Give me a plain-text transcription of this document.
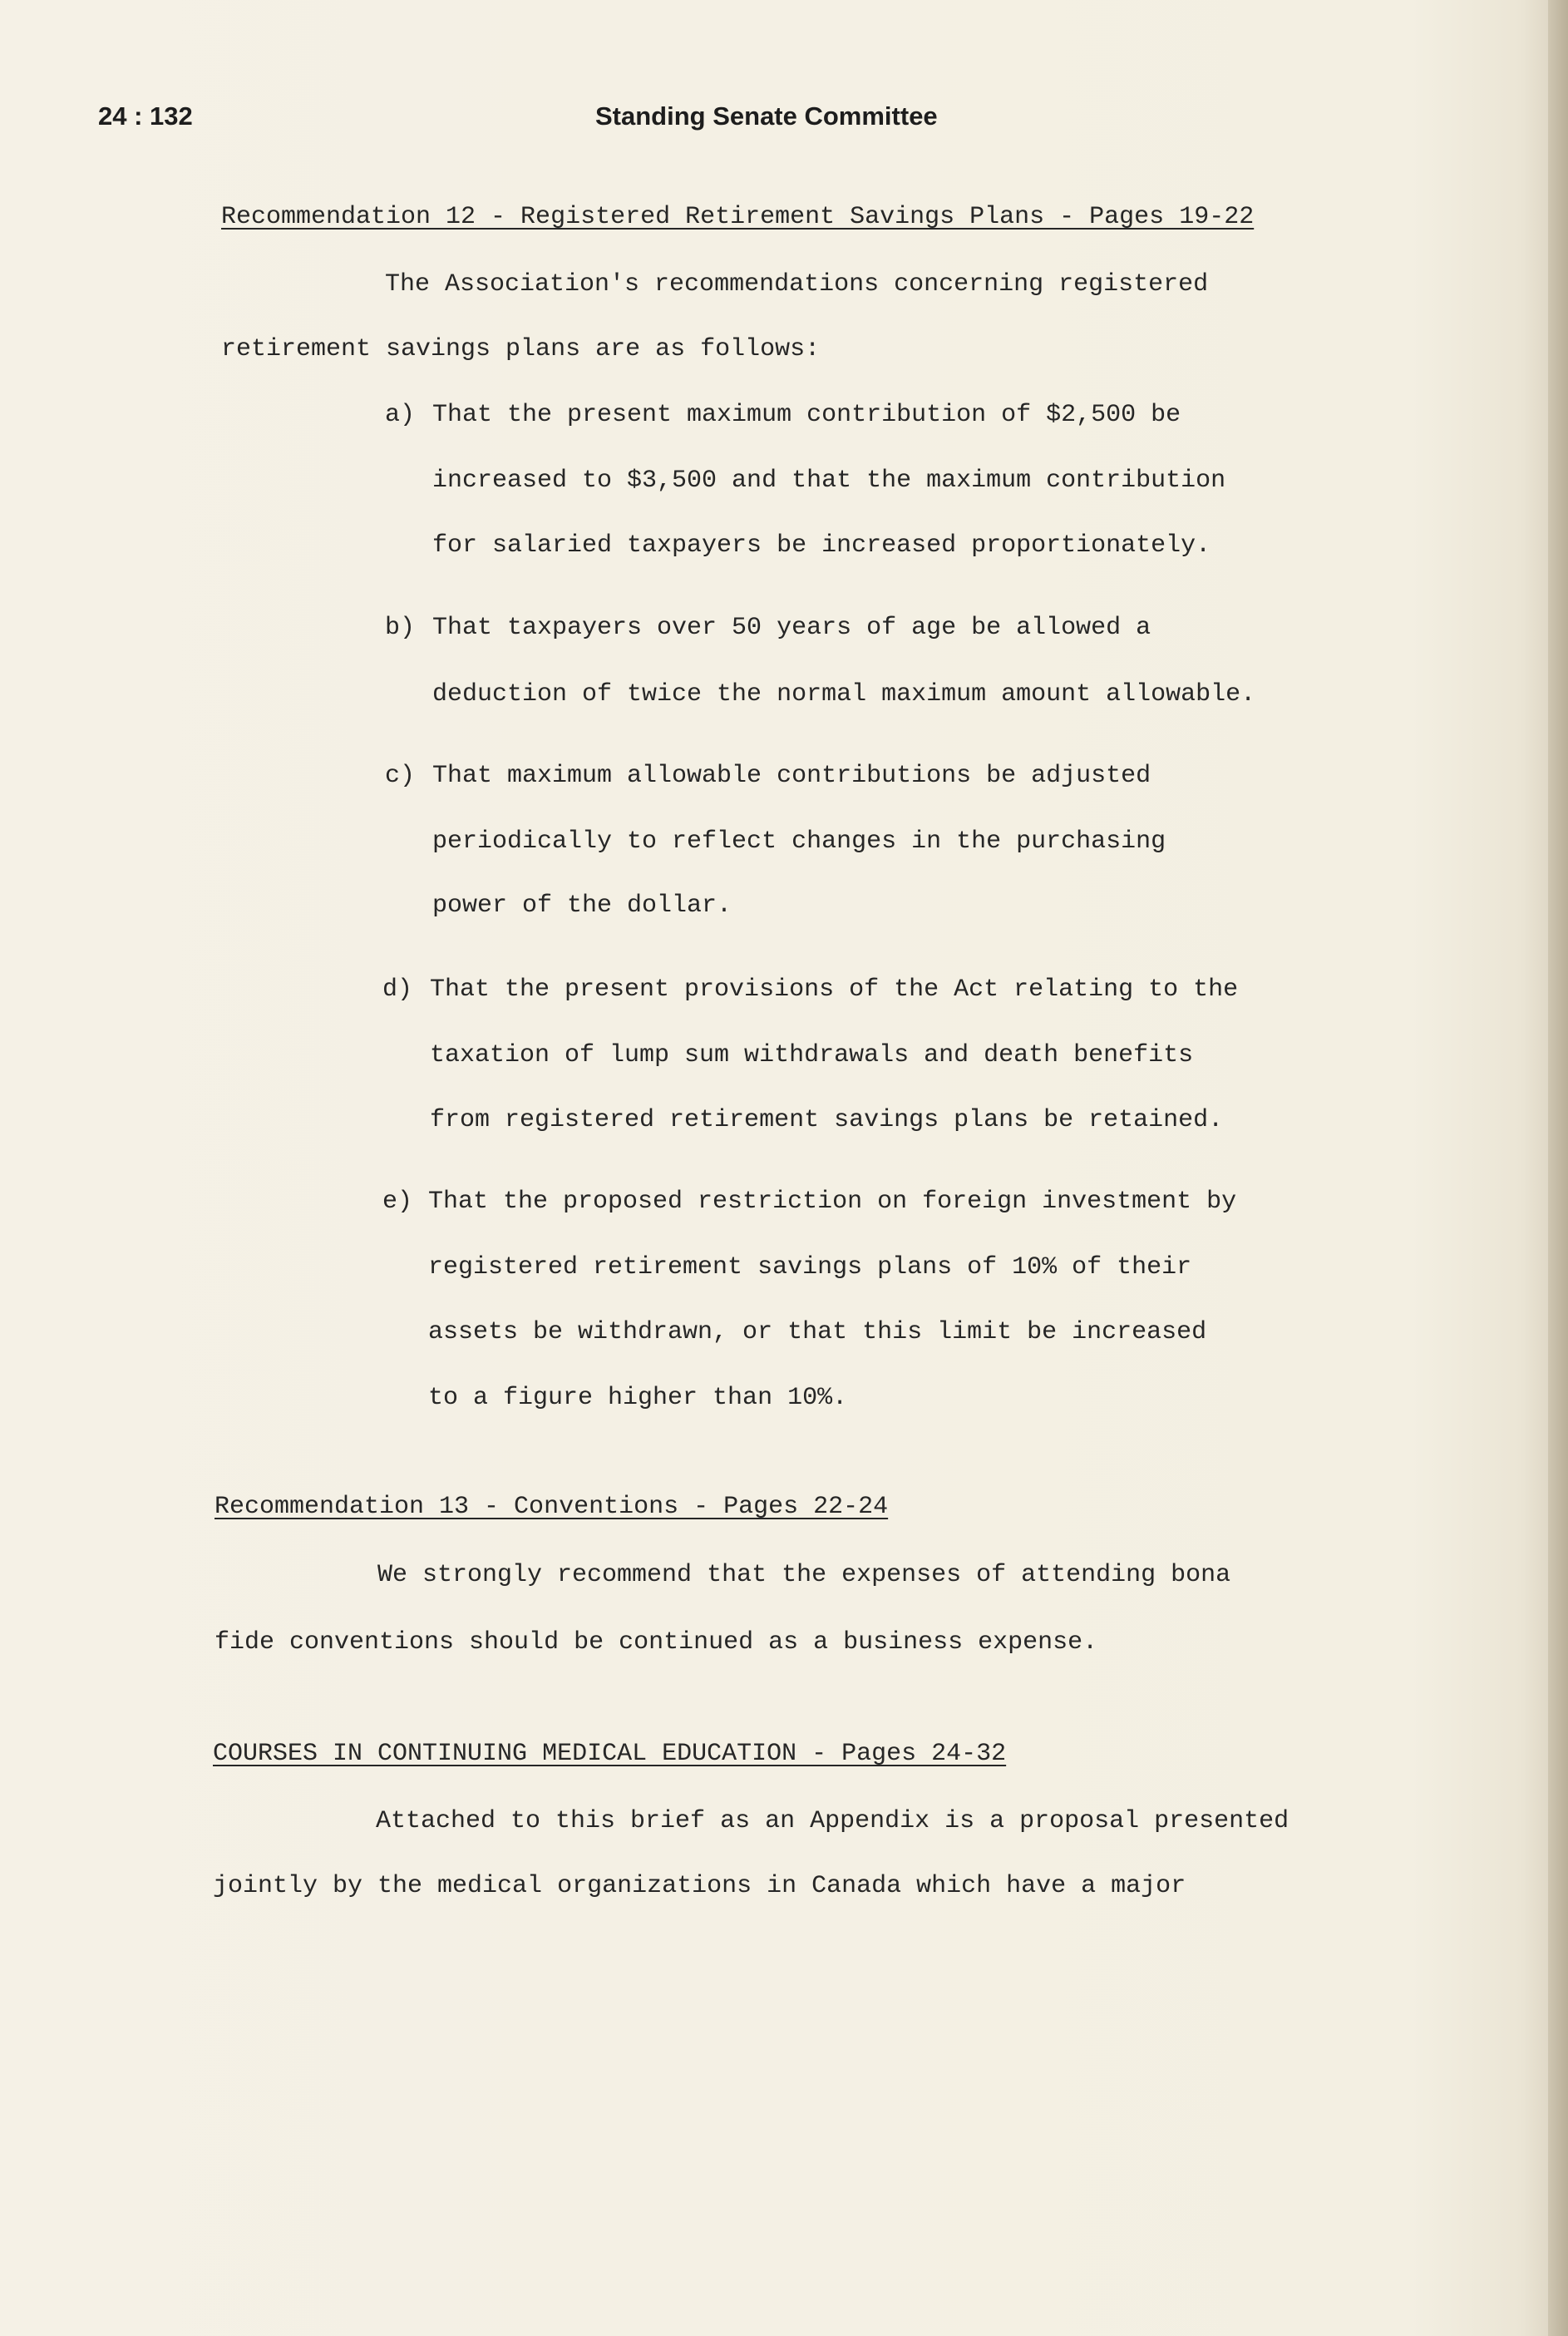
24 : 132	Standing Senate Committee
Recommendation 12 - Registered Retirement Savings Plans - Pages 19-22
The Association's recommendations concerning registered
retirement savings plans are as follows:
a) That the present maximum contribution of $2,500 be
increased to $3,500 and that the maximum contribution
for salaried taxpayers be increased proportionately.
b) That taxpayers over 50 years of age be allowed a
deduction of twice the normal maximum amount allowable.
c) That maximum allowable contributions be adjusted
periodically to reflect changes in the purchasing
power of the dollar.
d) That the present provisions of the Act relating to the
taxation of lump sum withdrawals and death benefits
from registered retirement savings plans be retained.
e) That the proposed restriction on foreign investment by
registered retirement savings plans of 10% of their
assets be withdrawn, or that this limit be increased
to a figure higher than 10%.
Recommendation 13 - Conventions - Pages 22-24
We strongly recommend that the expenses of attending bona
fide conventions should be continued as a business expense.
COURSES IN CONTINUING MEDICAL EDUCATION - Pages 24-32
Attached to this brief as an Appendix is a proposal presented
jointly by the medical organizations in Canada which have a major
